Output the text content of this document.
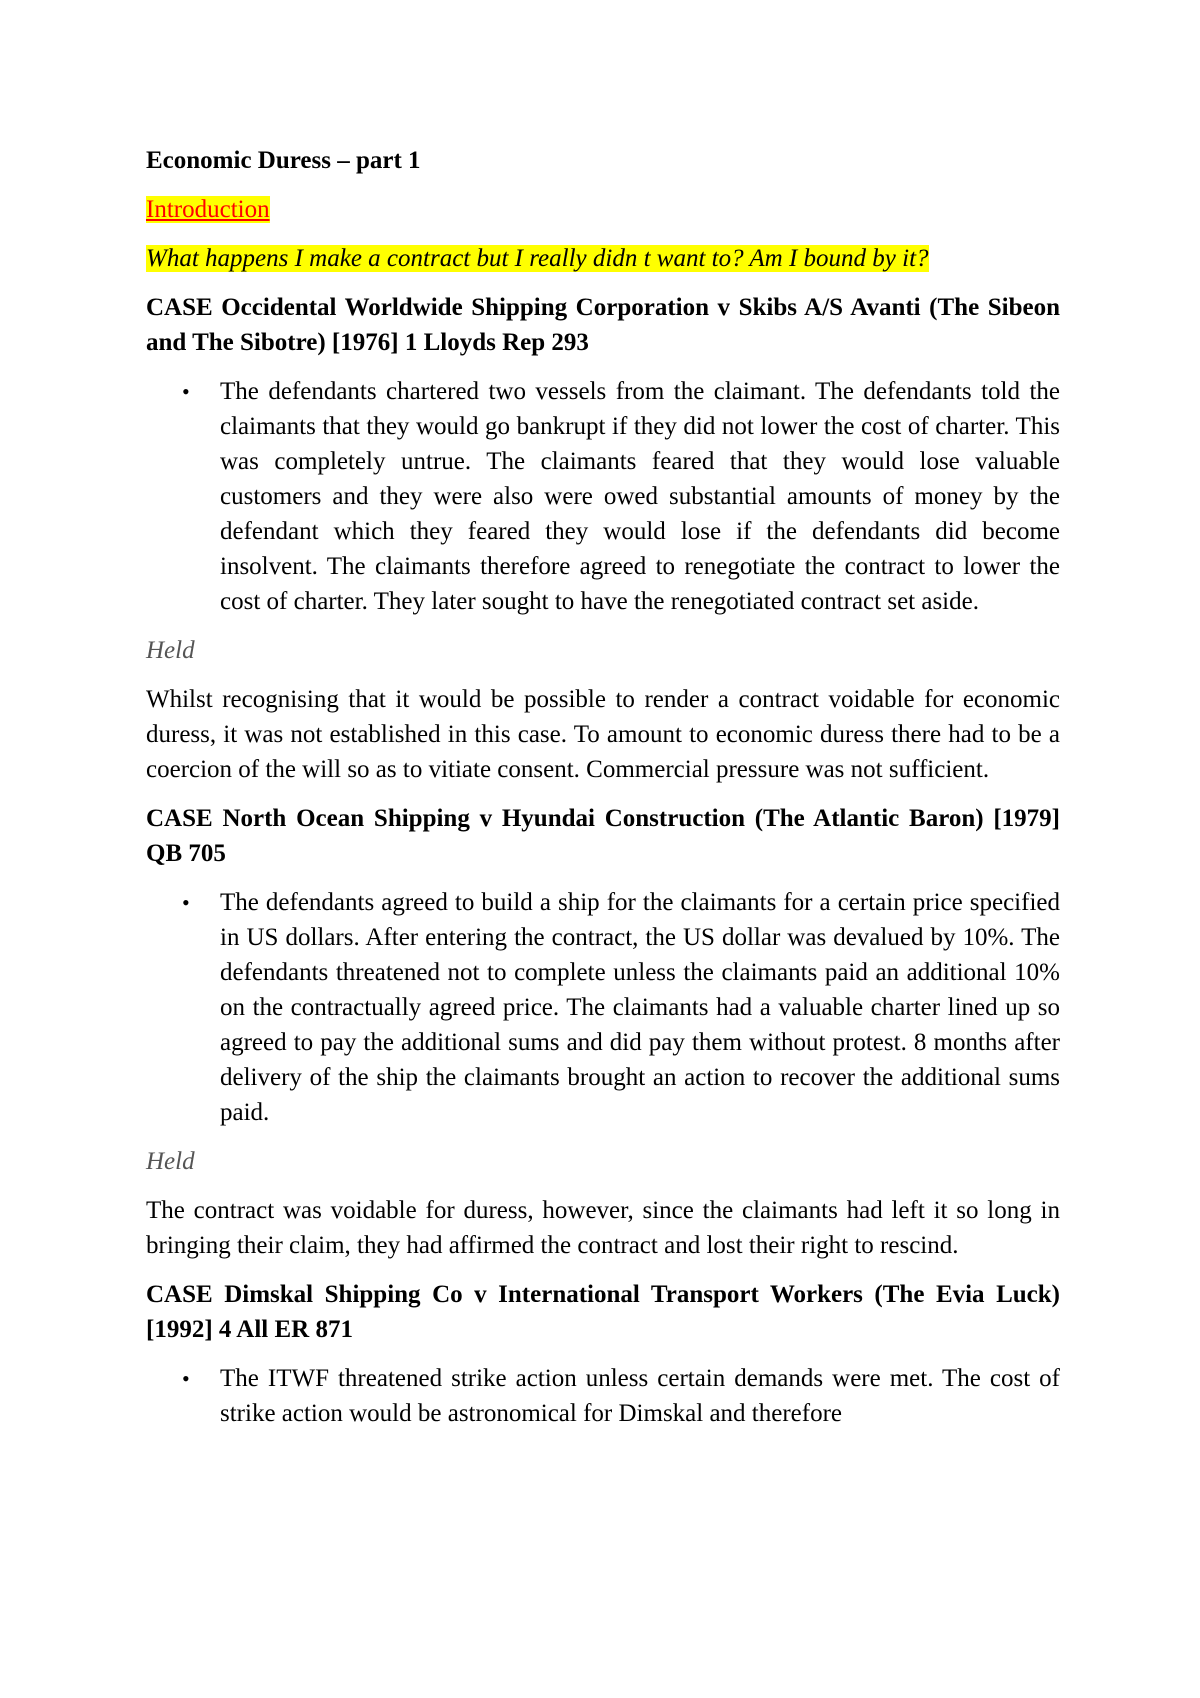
Economic Duress – part 1
Introduction
What happens I make a contract but I really didn t want to? Am I bound by it?
CASE Occidental Worldwide Shipping Corporation v Skibs A/S Avanti (The Sibeon and The Sibotre) [1976] 1 Lloyds Rep 293
• The defendants chartered two vessels from the claimant. The defendants told the claimants that they would go bankrupt if they did not lower the cost of charter. This was completely untrue. The claimants feared that they would lose valuable customers and they were also were owed substantial amounts of money by the defendant which they feared they would lose if the defendants did become insolvent. The claimants therefore agreed to renegotiate the contract to lower the cost of charter. They later sought to have the renegotiated contract set aside.
Held
Whilst recognising that it would be possible to render a contract voidable for economic duress, it was not established in this case. To amount to economic duress there had to be a coercion of the will so as to vitiate consent. Commercial pressure was not sufficient.
CASE North Ocean Shipping v Hyundai Construction (The Atlantic Baron) [1979] QB 705
• The defendants agreed to build a ship for the claimants for a certain price specified in US dollars. After entering the contract, the US dollar was devalued by 10%. The defendants threatened not to complete unless the claimants paid an additional 10% on the contractually agreed price. The claimants had a valuable charter lined up so agreed to pay the additional sums and did pay them without protest. 8 months after delivery of the ship the claimants brought an action to recover the additional sums paid.
Held
The contract was voidable for duress, however, since the claimants had left it so long in bringing their claim, they had affirmed the contract and lost their right to rescind.
CASE Dimskal Shipping Co v International Transport Workers (The Evia Luck) [1992] 4 All ER 871
• The ITWF threatened strike action unless certain demands were met. The cost of strike action would be astronomical for Dimskal and therefore
